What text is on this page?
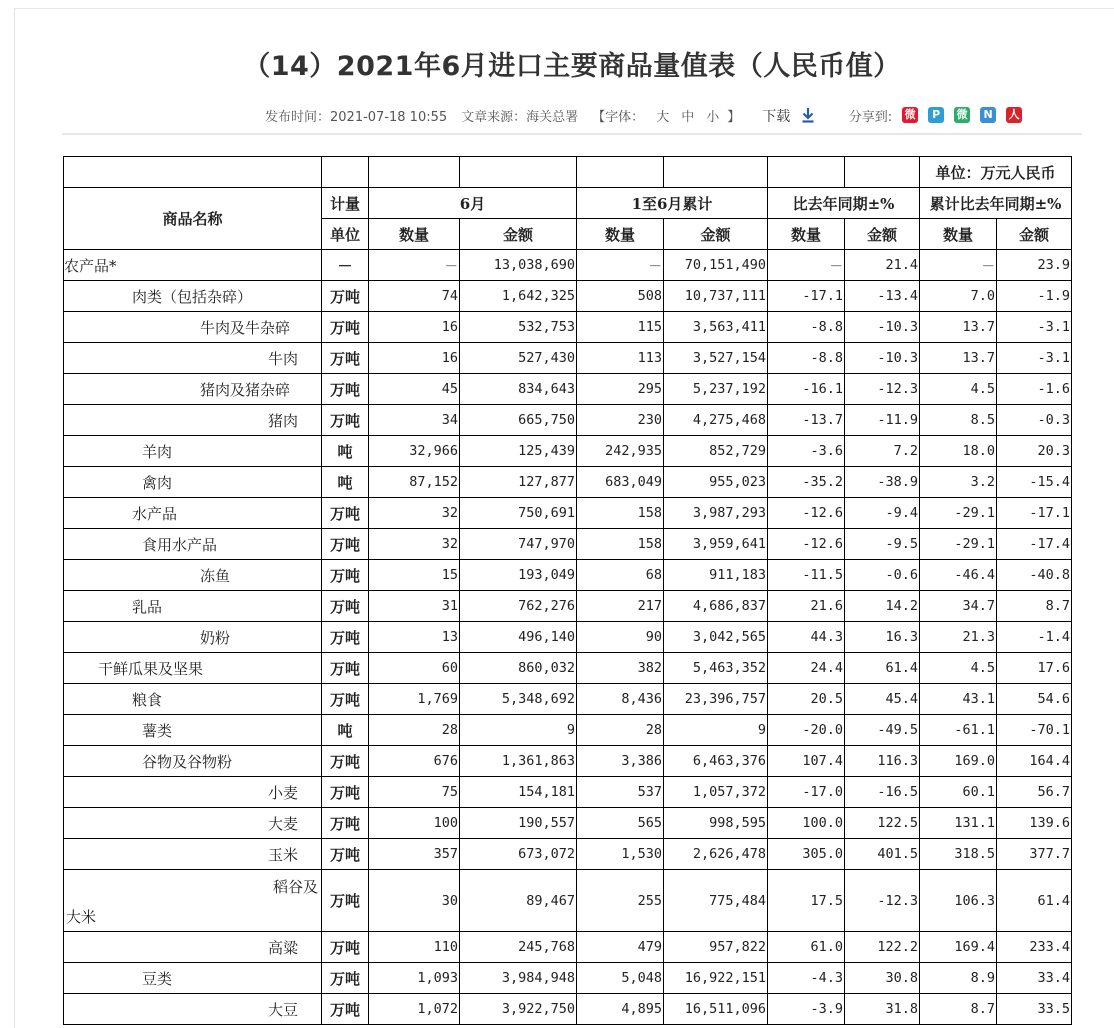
（14）2021年6月进口主要商品量值表（人民币值）
发布时间：2021-07-18 10:55 文章来源：海关总署 【字体： 大 中 小 】 下载	分享到: 微	P	微	N	人
								单位：万元人民币	
商品名称	计量	6月		1至6月累计		比去年同期±%		累计比去年同期±%	
	单位	数量	金额	数量	金额	数量	金额	数量	金额
农产品*	－	－	13,038,690	－	70,151,490	－	21.4	－	23.9
肉类（包括杂碎）	万吨	74	1,642,325	508	10,737,111	-17.1	-13.4	7.0	-1.9
牛肉及牛杂碎	万吨	16	532,753	115	3,563,411	-8.8	-10.3	13.7	-3.1
牛肉	万吨	16	527,430	113	3,527,154	-8.8	-10.3	13.7	-3.1
猪肉及猪杂碎	万吨	45	834,643	295	5,237,192	-16.1	-12.3	4.5	-1.6
猪肉	万吨	34	665,750	230	4,275,468	-13.7	-11.9	8.5	-0.3
羊肉	吨	32,966	125,439	242,935	852,729	-3.6	7.2	18.0	20.3
禽肉	吨	87,152	127,877	683,049	955,023	-35.2	-38.9	3.2	-15.4
水产品	万吨	32	750,691	158	3,987,293	-12.6	-9.4	-29.1	-17.1
食用水产品	万吨	32	747,970	158	3,959,641	-12.6	-9.5	-29.1	-17.4
冻鱼	万吨	15	193,049	68	911,183	-11.5	-0.6	-46.4	-40.8
乳品	万吨	31	762,276	217	4,686,837	21.6	14.2	34.7	8.7
奶粉	万吨	13	496,140	90	3,042,565	44.3	16.3	21.3	-1.4
干鲜瓜果及坚果	万吨	60	860,032	382	5,463,352	24.4	61.4	4.5	17.6
粮食	万吨	1,769	5,348,692	8,436	23,396,757	20.5	45.4	43.1	54.6
薯类	吨	28	9	28	9	-20.0	-49.5	-61.1	-70.1
谷物及谷物粉	万吨	676	1,361,863	3,386	6,463,376	107.4	116.3	169.0	164.4
小麦	万吨	75	154,181	537	1,057,372	-17.0	-16.5	60.1	56.7
大麦	万吨	100	190,557	565	998,595	100.0	122.5	131.1	139.6
玉米	万吨	357	673,072	1,530	2,626,478	305.0	401.5	318.5	377.7

稻谷及
大米	万吨	30	89,467	255	775,484	17.5	-12.3	106.3	61.4
高粱	万吨	110	245,768	479	957,822	61.0	122.2	169.4	233.4
豆类	万吨	1,093	3,984,948	5,048	16,922,151	-4.3	30.8	8.9	33.4
大豆	万吨	1,072	3,922,750	4,895	16,511,096	-3.9	31.8	8.7	33.5
